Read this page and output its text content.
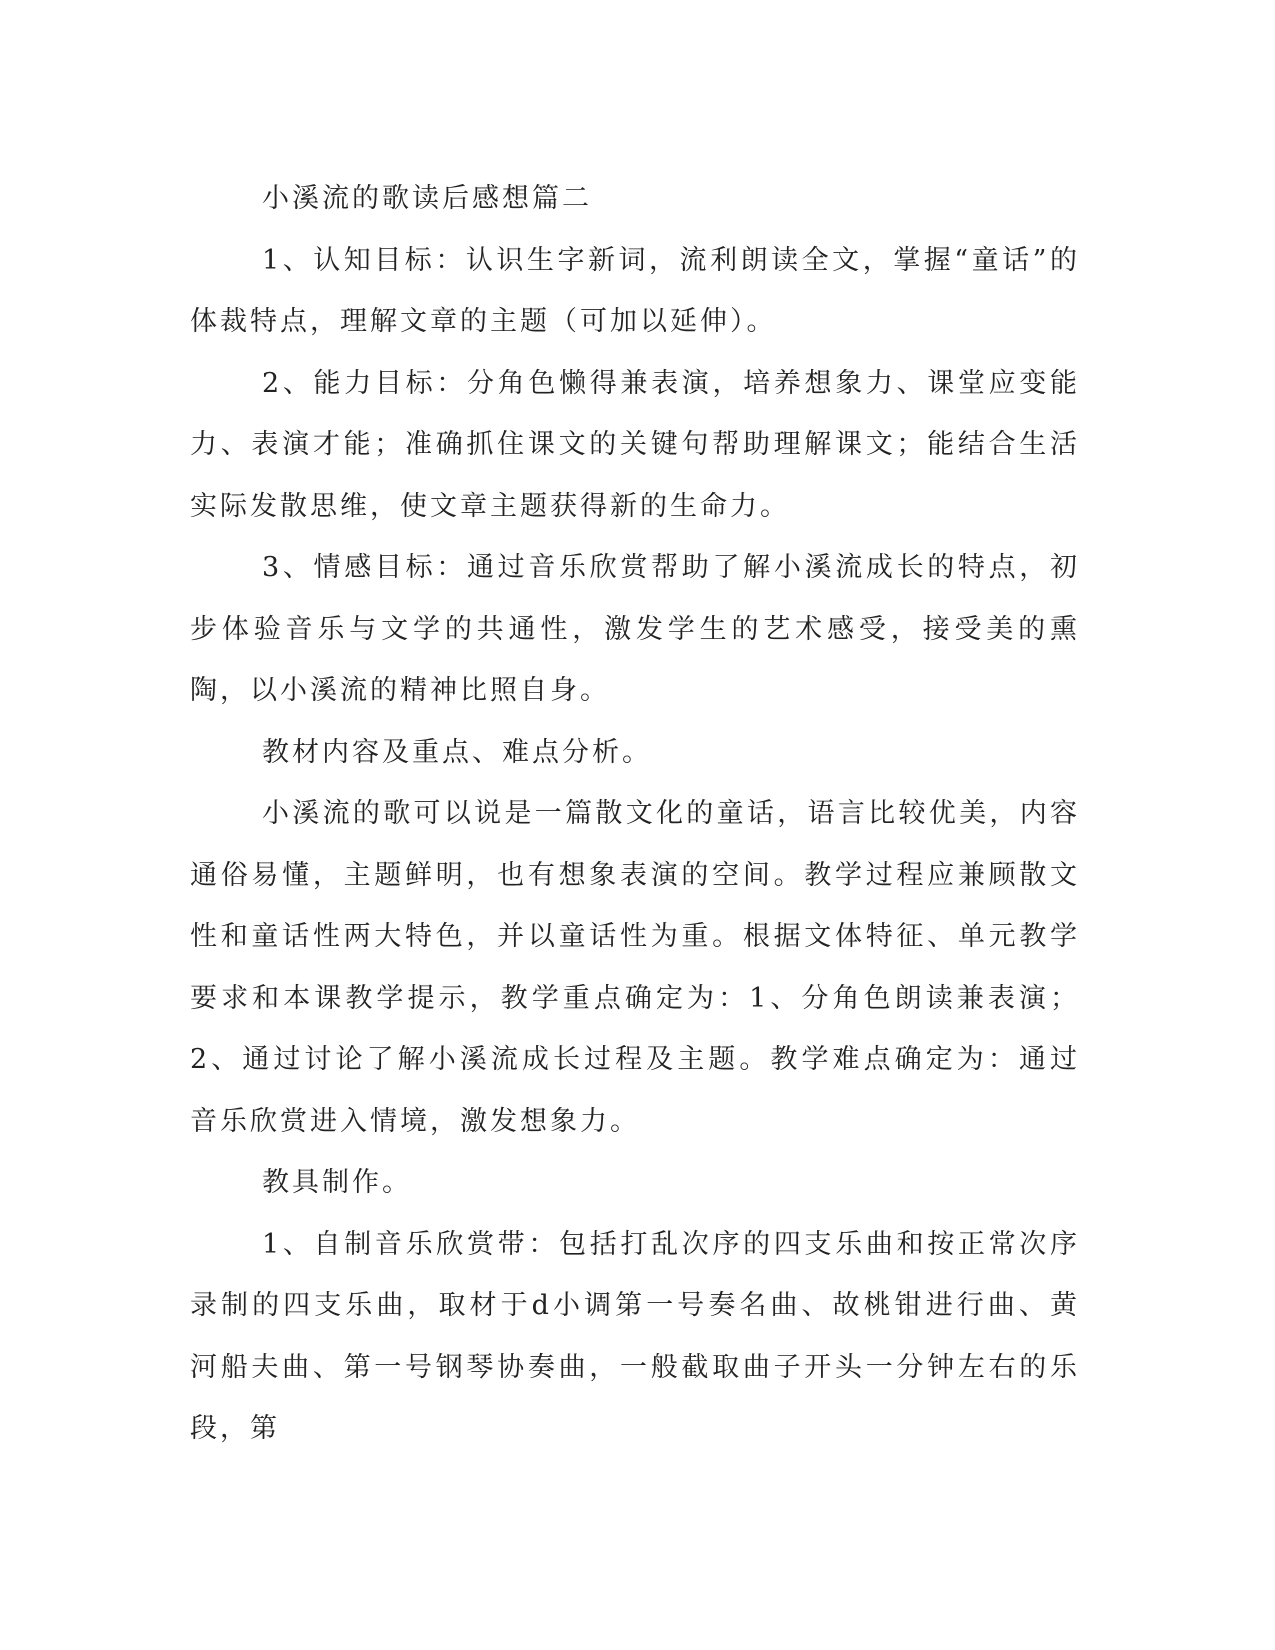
小溪流的歌读后感想篇二

1、认知目标：认识生字新词，流利朗读全文，掌握“童话”的体裁特点，理解文章的主题（可加以延伸）。

2、能力目标：分角色懒得兼表演，培养想象力、课堂应变能力、表演才能；准确抓住课文的关键句帮助理解课文；能结合生活实际发散思维，使文章主题获得新的生命力。

3、情感目标：通过音乐欣赏帮助了解小溪流成长的特点，初步体验音乐与文学的共通性，激发学生的艺术感受，接受美的熏陶，以小溪流的精神比照自身。

教材内容及重点、难点分析。

小溪流的歌可以说是一篇散文化的童话，语言比较优美，内容通俗易懂，主题鲜明，也有想象表演的空间。教学过程应兼顾散文性和童话性两大特色，并以童话性为重。根据文体特征、单元教学要求和本课教学提示，教学重点确定为：1、分角色朗读兼表演；2、通过讨论了解小溪流成长过程及主题。教学难点确定为：通过音乐欣赏进入情境，激发想象力。

教具制作。

1、自制音乐欣赏带：包括打乱次序的四支乐曲和按正常次序录制的四支乐曲，取材于d小调第一号奏名曲、故桃钳进行曲、黄河船夫曲、第一号钢琴协奏曲，一般截取曲子开头一分钟左右的乐段，第
